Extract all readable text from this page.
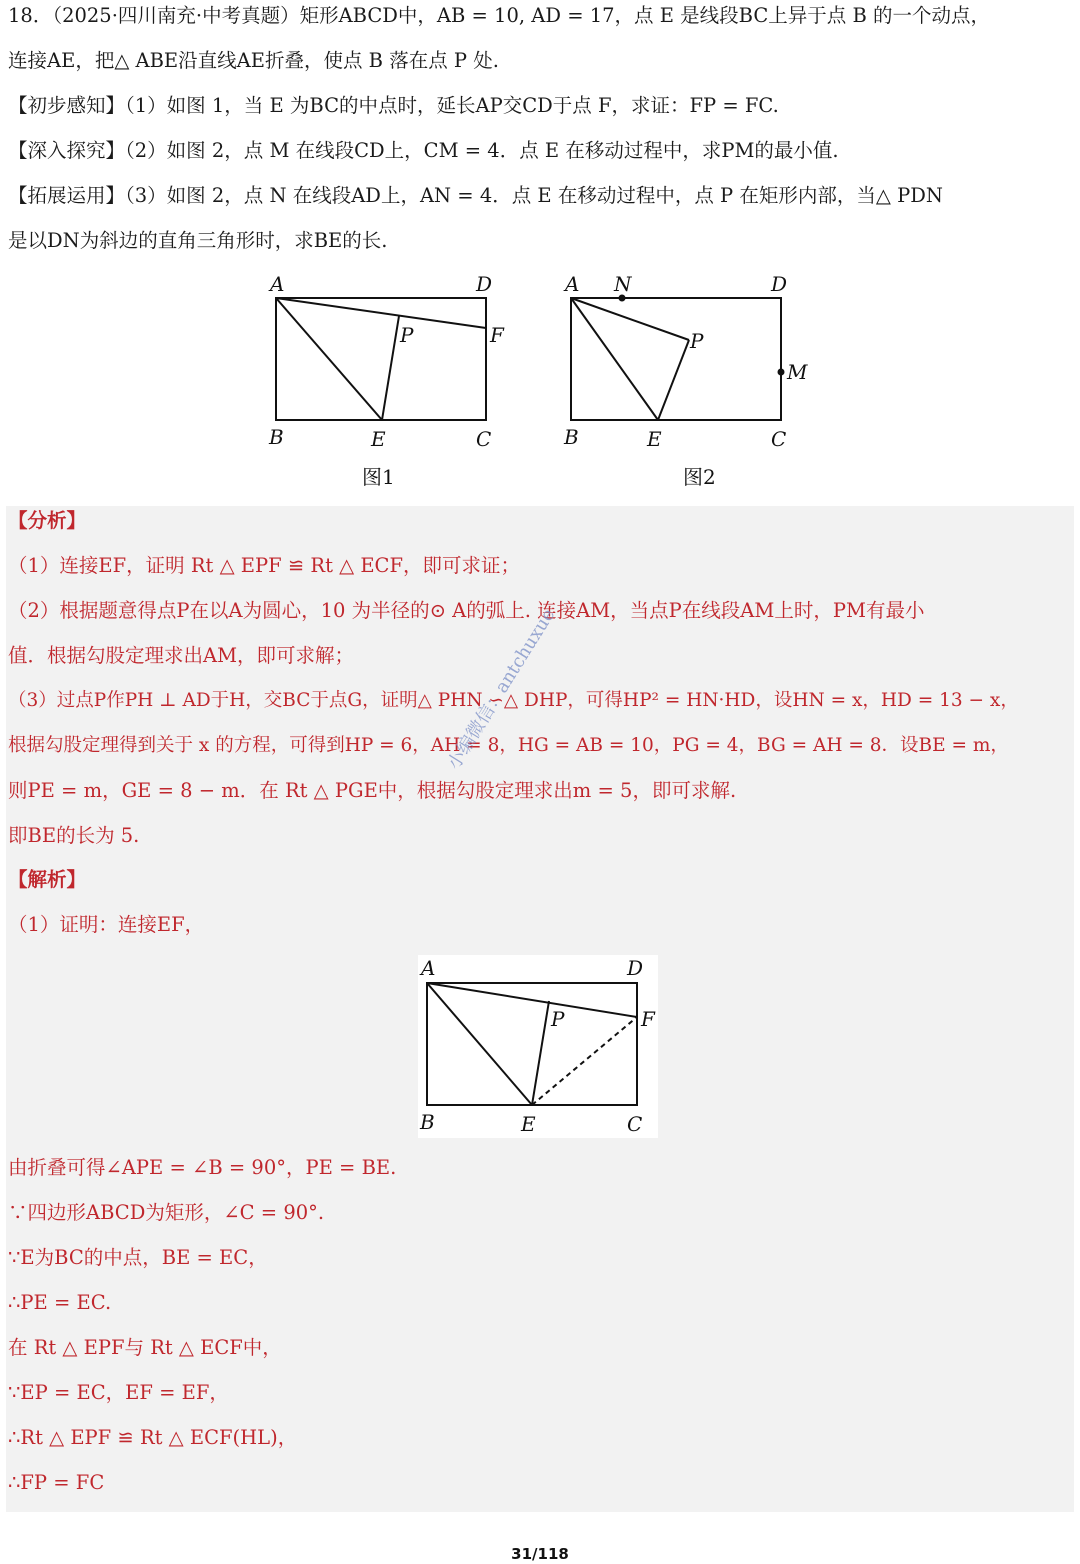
18．（2025·四川南充·中考真题）矩形ABCD中，AB = 10, AD = 17，点 E 是线段BC上异于点 B 的一个动点，
连接AE，把△ ABE沿直线AE折叠，使点 B 落在点 P 处.
【初步感知】（1）如图 1，当 E 为BC的中点时，延长AP交CD于点 F，求证：FP = FC.
【深入探究】（2）如图 2，点 M 在线段CD上，CM = 4．点 E 在移动过程中，求PM的最小值.
【拓展运用】（3）如图 2，点 N 在线段AD上，AN = 4．点 E 在移动过程中，点 P 在矩形内部，当△ PDN
是以DN为斜边的直角三角形时，求BE的长.
A	D
P	F
B	E	C
图1
A N	D
P
M
B	E	C
图2
【分析】
（1）连接EF，证明 Rt △ EPF ≌ Rt △ ECF，即可求证；
（2）根据题意得点P在以A为圆心，10 为半径的⊙ A的弧上. 连接AM，当点P在线段AM上时，PM有最小
值．根据勾股定理求出AM，即可求解；
（3）过点P作PH ⊥ AD于H，交BC于点G，证明△ PHN ∽△ DHP，可得HP² = HN·HD，设HN = x，HD = 13 − x，
根据勾股定理得到关于 x 的方程，可得到HP = 6，AH = 8，HG = AB = 10，PG = 4，BG = AH = 8．设BE = m，
则PE = m，GE = 8 − m．在 Rt △ PGE中，根据勾股定理求出m = 5，即可求解.
即BE的长为 5.
【解析】
（1）证明：连接EF，
A	D
P	F
B	E	C
由折叠可得∠APE = ∠B = 90°，PE = BE.
∵四边形ABCD为矩形，∠C = 90°.
∵E为BC的中点，BE = EC，
∴PE = EC.
在 Rt △ EPF与 Rt △ ECF中，
∵EP = EC，EF = EF，
∴Rt △ EPF ≌ Rt △ ECF(HL)，
∴FP = FC
小编微信：antchuxue
31/118
